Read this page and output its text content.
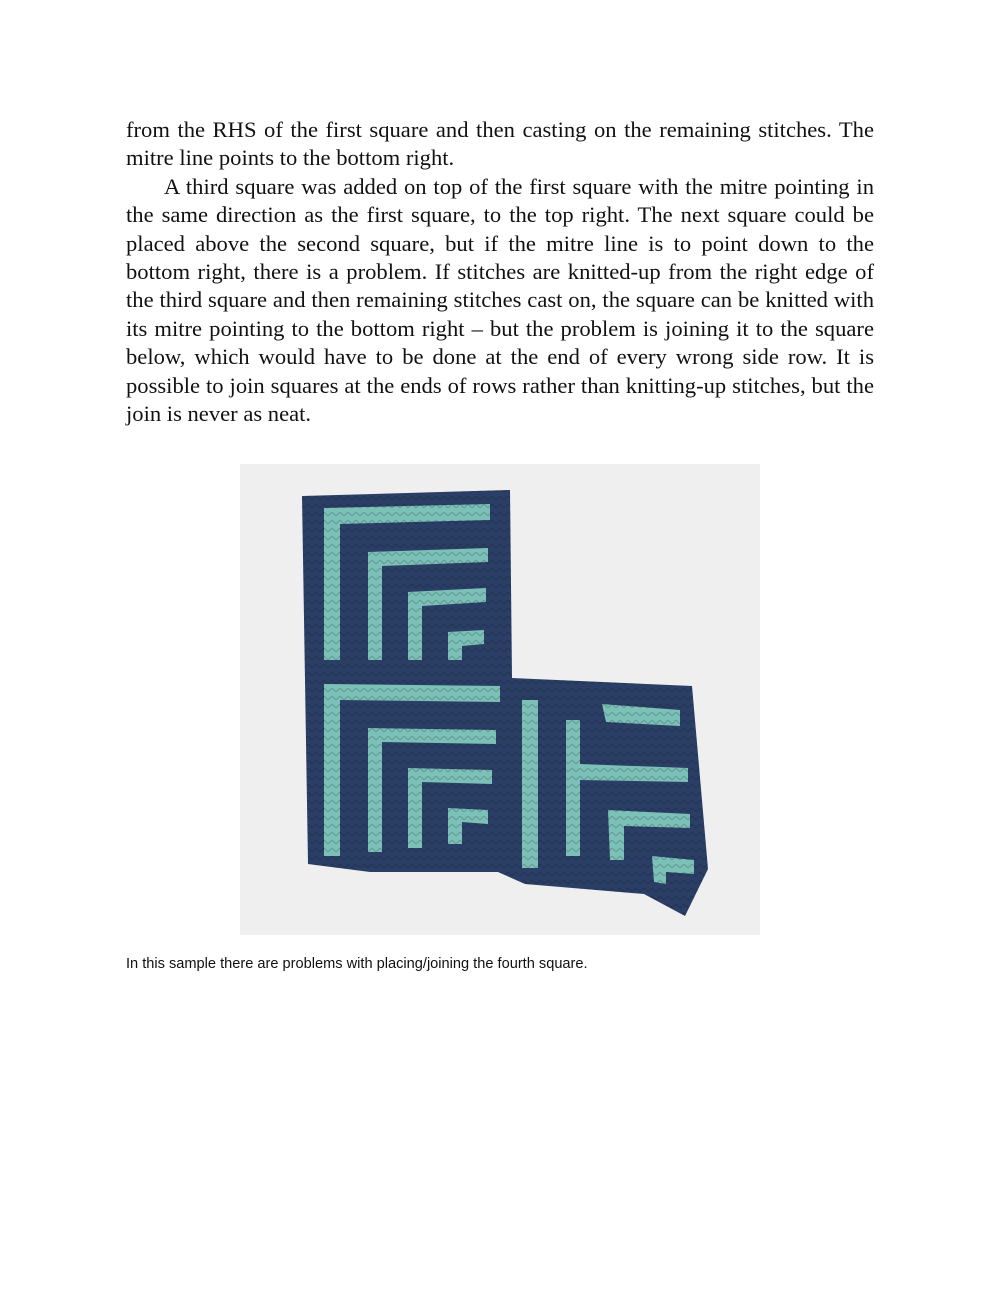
from the RHS of the first square and then casting on the remaining stitches. The mitre line points to the bottom right.

A third square was added on top of the first square with the mitre pointing in the same direction as the first square, to the top right. The next square could be placed above the second square, but if the mitre line is to point down to the bottom right, there is a problem. If stitches are knitted-up from the right edge of the third square and then remaining stitches cast on, the square can be knitted with its mitre pointing to the bottom right – but the problem is joining it to the square below, which would have to be done at the end of every wrong side row. It is possible to join squares at the ends of rows rather than knitting-up stitches, but the join is never as neat.

In this sample there are problems with placing/joining the fourth square.
